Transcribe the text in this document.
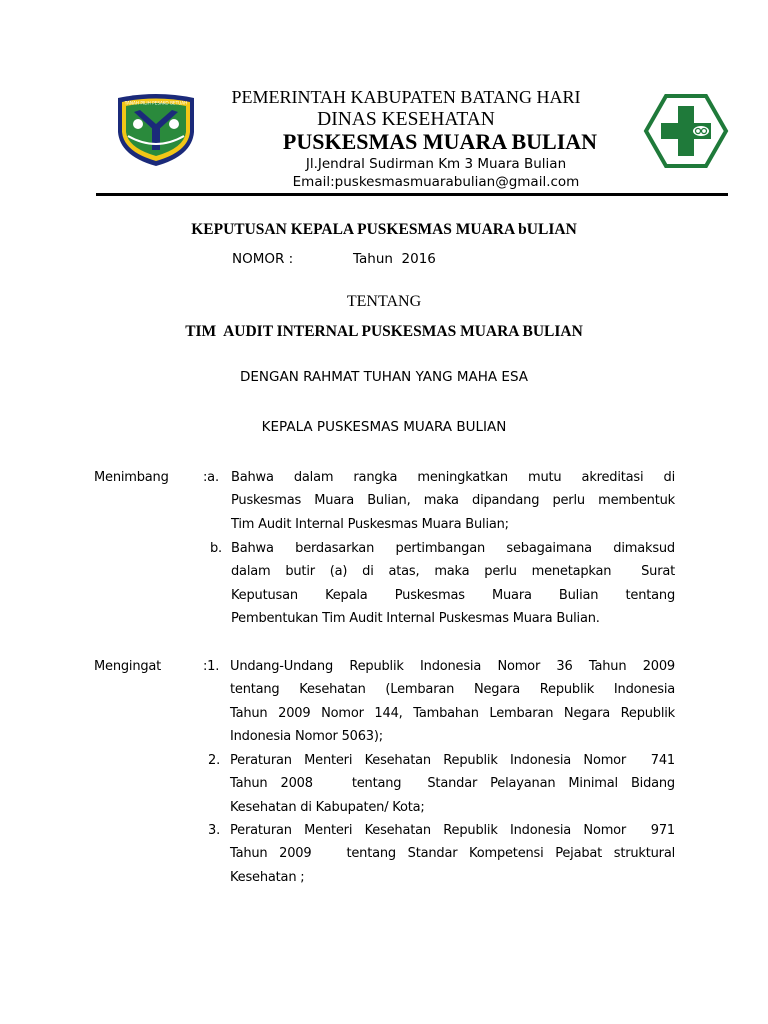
TANAH PILIH PESAKO BETUAH	PEMERINTAH KABUPATEN BATANG HARI
DINAS KESEHATAN
PUSKESMAS MUARA BULIAN
Jl.Jendral Sudirman Km 3 Muara Bulian
Email:puskesmasmuarabulian@gmail.com
KEPUTUSAN KEPALA PUSKESMAS MUARA bULIAN
NOMOR :	Tahun  2016
TENTANG
TIM  AUDIT INTERNAL PUSKESMAS MUARA BULIAN
DENGAN RAHMAT TUHAN YANG MAHA ESA
KEPALA PUSKESMAS MUARA BULIAN
Menimbang	:a. Bahwa dalam rangka meningkatkan mutu akreditasi di
Puskesmas Muara Bulian, maka dipandang perlu membentuk
Tim Audit Internal Puskesmas Muara Bulian;
b. Bahwa berdasarkan pertimbangan sebagaimana dimaksud
dalam butir (a) di atas, maka perlu menetapkan  Surat
Keputusan Kepala Puskesmas Muara Bulian tentang
Pembentukan Tim Audit Internal Puskesmas Muara Bulian.
Mengingat	:1. Undang-Undang Republik Indonesia Nomor 36 Tahun 2009
tentang Kesehatan (Lembaran Negara Republik Indonesia
Tahun 2009 Nomor 144, Tambahan Lembaran Negara Republik
Indonesia Nomor 5063);
2. Peraturan Menteri Kesehatan Republik Indonesia Nomor  741
Tahun 2008   tentang  Standar Pelayanan Minimal Bidang
Kesehatan di Kabupaten/ Kota;
3. Peraturan Menteri Kesehatan Republik Indonesia Nomor  971
Tahun 2009   tentang Standar Kompetensi Pejabat struktural
Kesehatan ;
